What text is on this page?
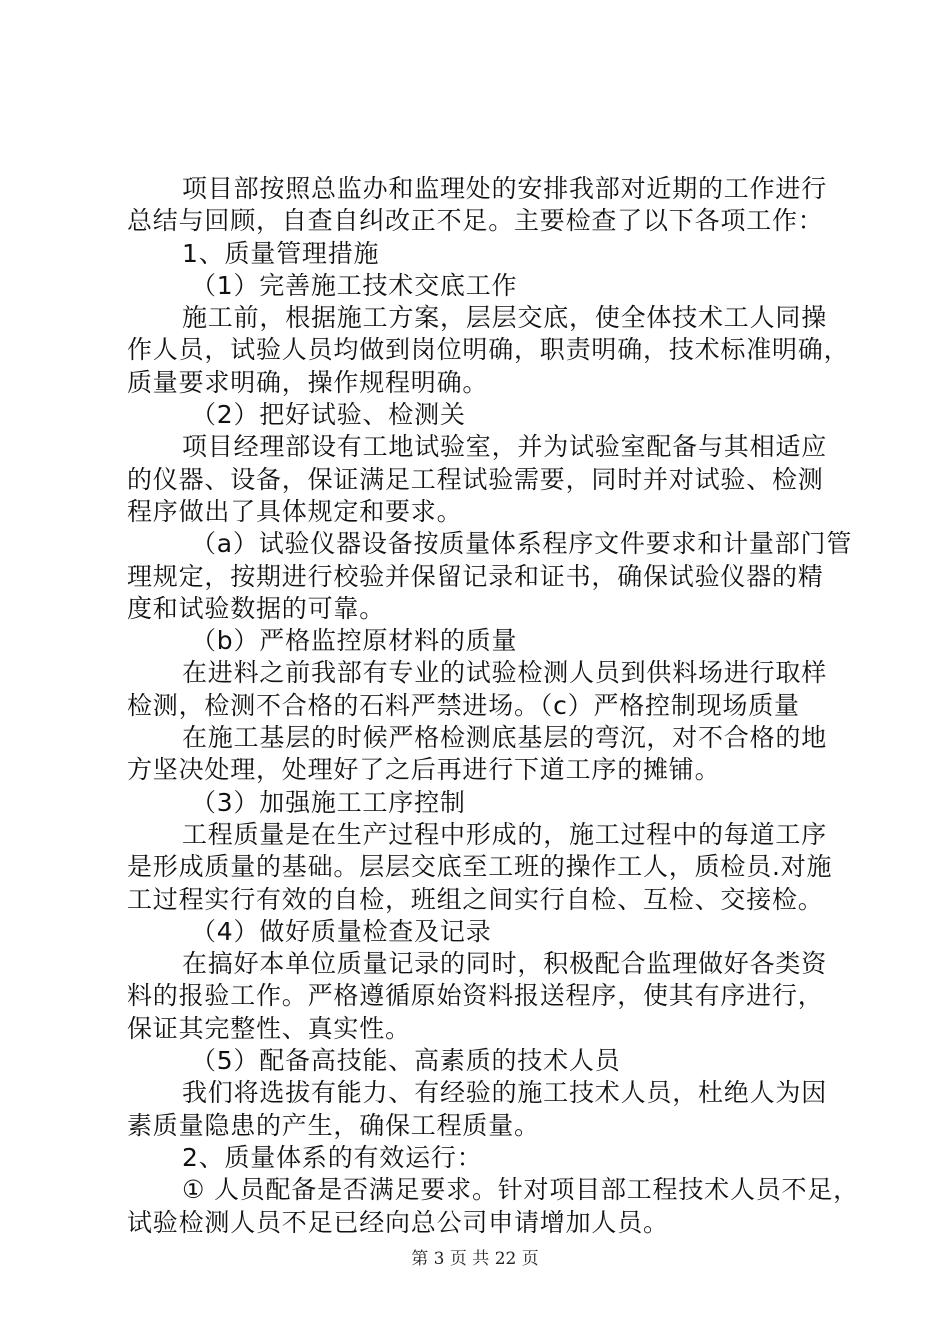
项目部按照总监办和监理处的安排我部对近期的工作进行
总结与回顾，自查自纠改正不足。主要检查了以下各项工作：
1、质量管理措施
（1）完善施工技术交底工作
施工前，根据施工方案，层层交底，使全体技术工人同操
作人员，试验人员均做到岗位明确，职责明确，技术标准明确，
质量要求明确，操作规程明确。
（2）把好试验、检测关
项目经理部设有工地试验室，并为试验室配备与其相适应
的仪器、设备，保证满足工程试验需要，同时并对试验、检测
程序做出了具体规定和要求。
（a）试验仪器设备按质量体系程序文件要求和计量部门管
理规定，按期进行校验并保留记录和证书，确保试验仪器的精
度和试验数据的可靠。
（b）严格监控原材料的质量
在进料之前我部有专业的试验检测人员到供料场进行取样
检测，检测不合格的石料严禁进场。（c）严格控制现场质量
在施工基层的时候严格检测底基层的弯沉，对不合格的地
方坚决处理，处理好了之后再进行下道工序的摊铺。
（3）加强施工工序控制
工程质量是在生产过程中形成的，施工过程中的每道工序
是形成质量的基础。层层交底至工班的操作工人，质检员.对施
工过程实行有效的自检，班组之间实行自检、互检、交接检。
（4）做好质量检查及记录
在搞好本单位质量记录的同时，积极配合监理做好各类资
料的报验工作。严格遵循原始资料报送程序，使其有序进行，
保证其完整性、真实性。
（5）配备高技能、高素质的技术人员
我们将选拔有能力、有经验的施工技术人员，杜绝人为因
素质量隐患的产生，确保工程质量。
2、质量体系的有效运行：
① 人员配备是否满足要求。针对项目部工程技术人员不足，
试验检测人员不足已经向总公司申请增加人员。
第 3 页 共 22 页
